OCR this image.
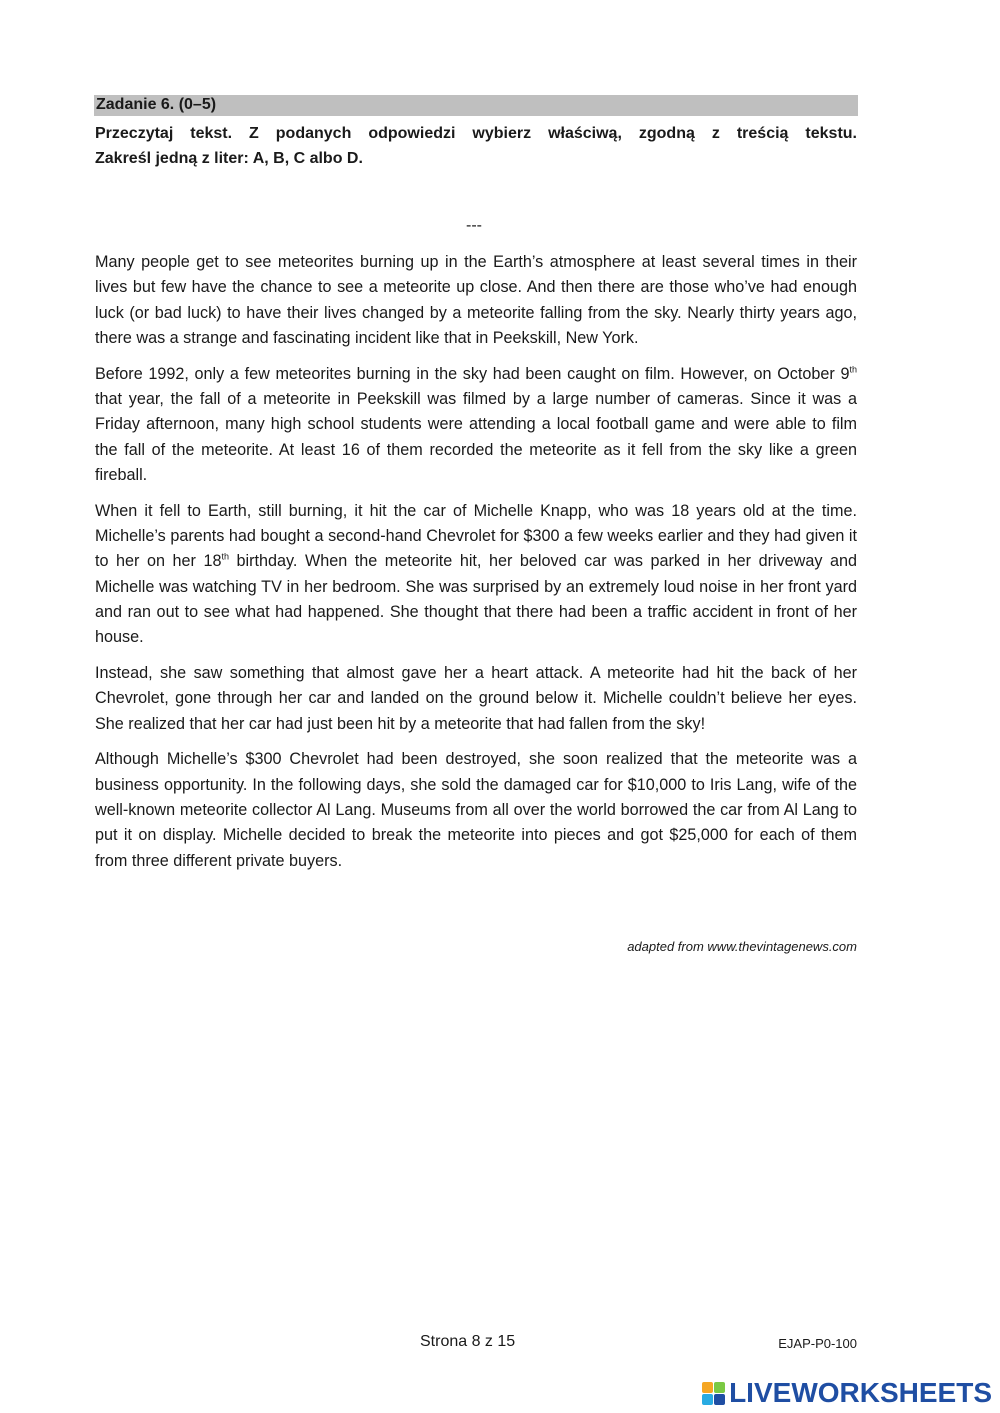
Zadanie 6. (0–5)
Przeczytaj tekst. Z podanych odpowiedzi wybierz właściwą, zgodną z treścią tekstu.
Zakreśl jedną z liter: A, B, C albo D.
---

Many people get to see meteorites burning up in the Earth’s atmosphere at least several times in their lives but few have the chance to see a meteorite up close. And then there are those who’ve had enough luck (or bad luck) to have their lives changed by a meteorite falling from the sky. Nearly thirty years ago, there was a strange and fascinating incident like that in Peekskill, New York.

Before 1992, only a few meteorites burning in the sky had been caught on film. However, on October 9th that year, the fall of a meteorite in Peekskill was filmed by a large number of cameras. Since it was a Friday afternoon, many high school students were attending a local football game and were able to film the fall of the meteorite. At least 16 of them recorded the meteorite as it fell from the sky like a green fireball.

When it fell to Earth, still burning, it hit the car of Michelle Knapp, who was 18 years old at the time. Michelle’s parents had bought a second-hand Chevrolet for $300 a few weeks earlier and they had given it to her on her 18th birthday. When the meteorite hit, her beloved car was parked in her driveway and Michelle was watching TV in her bedroom. She was surprised by an extremely loud noise in her front yard and ran out to see what had happened. She thought that there had been a traffic accident in front of her house.

Instead, she saw something that almost gave her a heart attack. A meteorite had hit the back of her Chevrolet, gone through her car and landed on the ground below it. Michelle couldn’t believe her eyes. She realized that her car had just been hit by a meteorite that had fallen from the sky!

Although Michelle’s $300 Chevrolet had been destroyed, she soon realized that the meteorite was a business opportunity. In the following days, she sold the damaged car for $10,000 to Iris Lang, wife of the well-known meteorite collector Al Lang. Museums from all over the world borrowed the car from Al Lang to put it on display. Michelle decided to break the meteorite into pieces and got $25,000 for each of them from three different private buyers.

adapted from www.thevintagenews.com
Strona 8 z 15	EJAP-P0-100
LIVEWORKSHEETS
